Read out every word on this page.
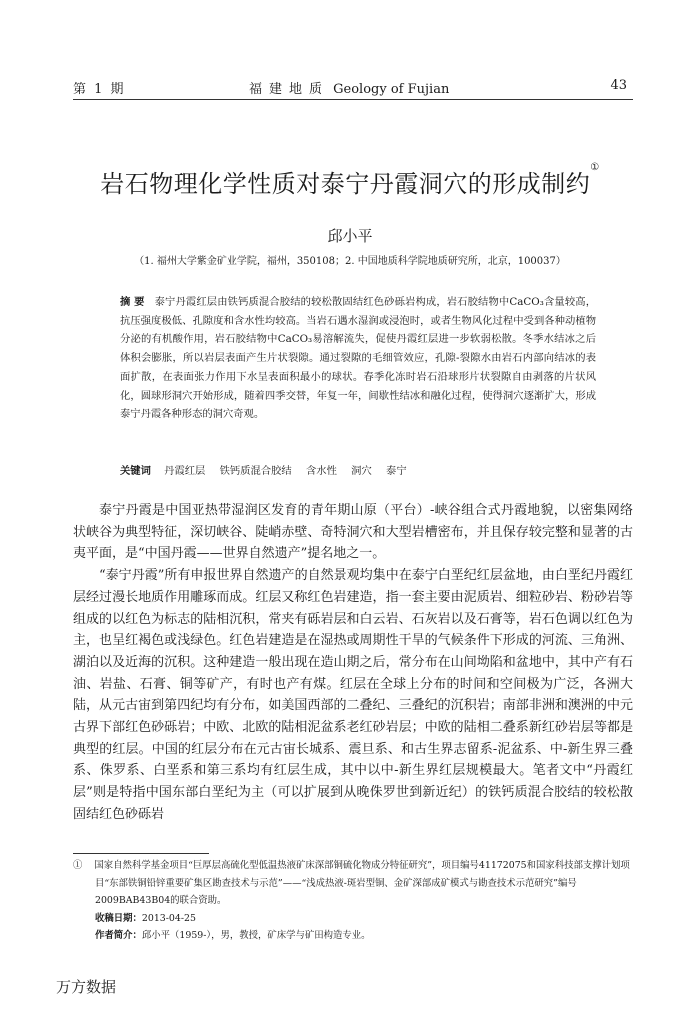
第 1 期	福建地质 Geology of Fujian	43
岩石物理化学性质对泰宁丹霞洞穴的形成制约①
邱小平
（1. 福州大学紫金矿业学院，福州，350108；2. 中国地质科学院地质研究所，北京，100037）
摘 要 泰宁丹霞红层由铁钙质混合胶结的较松散固结红色砂砾岩构成，岩石胶结物中CaCO₃含量较高，抗压强度极低、孔隙度和含水性均较高。当岩石遇水湿润或浸泡时，或者生物风化过程中受到各种动植物分泌的有机酸作用，岩石胶结物中CaCO₃易溶解流失，促使丹霞红层进一步软弱松散。冬季水结冰之后体积会膨胀，所以岩层表面产生片状裂隙。通过裂隙的毛细管效应，孔隙-裂隙水由岩石内部向结冰的表面扩散，在表面张力作用下水呈表面积最小的球状。春季化冻时岩石沿球形片状裂隙自由剥落的片状风化，圆球形洞穴开始形成，随着四季交替，年复一年，间歇性结冰和融化过程，使得洞穴逐渐扩大，形成泰宁丹霞各种形态的洞穴奇观。
关键词 丹霞红层 铁钙质混合胶结 含水性 洞穴 泰宁

泰宁丹霞是中国亚热带湿润区发育的青年期山原（平台）-峡谷组合式丹霞地貌，以密集网络状峡谷为典型特征，深切峡谷、陡峭赤壁、奇特洞穴和大型岩槽密布，并且保存较完整和显著的古夷平面，是“中国丹霞——世界自然遗产”提名地之一。

“泰宁丹霞”所有申报世界自然遗产的自然景观均集中在泰宁白垩纪红层盆地，由白垩纪丹霞红层经过漫长地质作用雕琢而成。红层又称红色岩建造，指一套主要由泥质岩、细粒砂岩、粉砂岩等组成的以红色为标志的陆相沉积，常夹有砾岩层和白云岩、石灰岩以及石膏等，岩石色调以红色为主，也呈红褐色或浅绿色。红色岩建造是在湿热或周期性干旱的气候条件下形成的河流、三角洲、湖泊以及近海的沉积。这种建造一般出现在造山期之后，常分布在山间坳陷和盆地中，其中产有石油、岩盐、石膏、铜等矿产，有时也产有煤。红层在全球上分布的时间和空间极为广泛，各洲大陆，从元古宙到第四纪均有分布，如美国西部的二叠纪、三叠纪的沉积岩；南部非洲和澳洲的中元古界下部红色砂砾岩；中欧、北欧的陆相泥盆系老红砂岩层；中欧的陆相二叠系新红砂岩层等都是典型的红层。中国的红层分布在元古宙长城系、震旦系、和古生界志留系-泥盆系、中-新生界三叠系、侏罗系、白垩系和第三系均有红层生成，其中以中-新生界红层规模最大。笔者文中“丹霞红层”则是特指中国东部白垩纪为主（可以扩展到从晚侏罗世到新近纪）的铁钙质混合胶结的较松散固结红色砂砾岩

① 国家自然科学基金项目“巨厚层高硫化型低温热液矿床深部铜硫化物成分特征研究”，项目编号41172075和国家科技部支撑计划项目“东部铁铜铅锌重要矿集区勘查技术与示范”——“浅成热液-斑岩型铜、金矿深部成矿模式与勘查技术示范研究”编号2009BAB43B04的联合资助。
收稿日期：2013-04-25
作者简介：邱小平（1959-），男，教授，矿床学与矿田构造专业。
万方数据
